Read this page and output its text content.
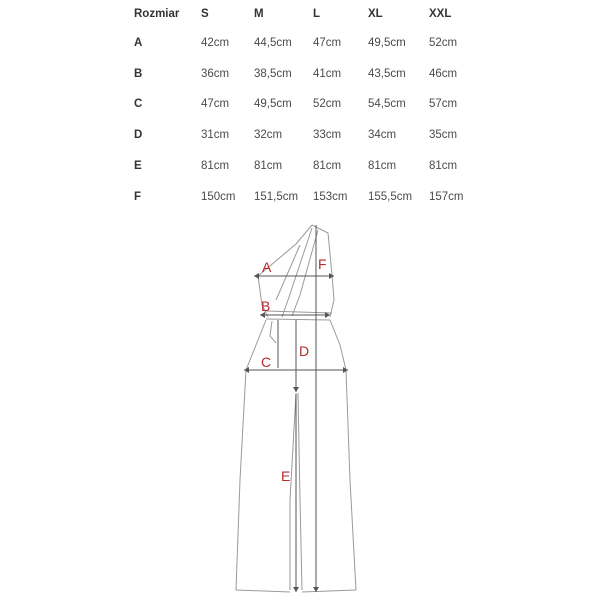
Rozmiar S	M	L	XL	XXL
A	42cm 44,5cm 47cm 49,5cm 52cm
B	36cm 38,5cm 41cm 43,5cm 46cm
C	47cm 49,5cm 52cm 54,5cm 57cm
D	31cm 32cm	33cm 34cm	35cm
E	81cm 81cm	81cm 81cm	81cm
F	150cm 151,5cm 153cm 155,5cm 157cm
A
B
C
D
E
F
